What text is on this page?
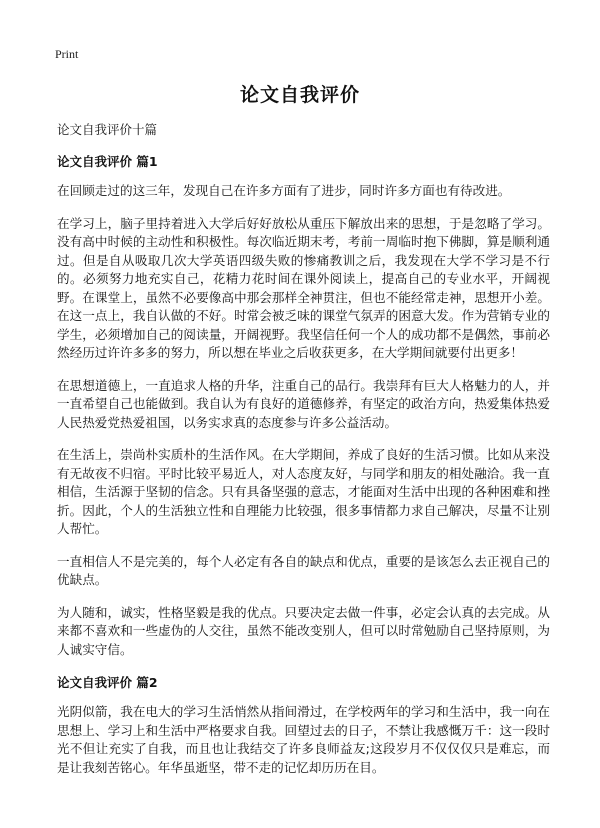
Print
论文自我评价

论文自我评价十篇

论文自我评价 篇1

在回顾走过的这三年，发现自己在许多方面有了进步，同时许多方面也有待改进。

在学习上，脑子里持着进入大学后好好放松从重压下解放出来的思想，于是忽略了学习。没有高中时候的主动性和积极性。每次临近期末考，考前一周临时抱下佛脚，算是顺利通过。但是自从吸取几次大学英语四级失败的惨痛教训之后，我发现在大学不学习是不行的。必须努力地充实自己，花精力花时间在课外阅读上，提高自己的专业水平，开阔视野。在课堂上，虽然不必要像高中那会那样全神贯注，但也不能经常走神，思想开小差。在这一点上，我自认做的不好。时常会被乏味的课堂气氛弄的困意大发。作为营销专业的学生，必须增加自己的阅读量，开阔视野。我坚信任何一个人的成功都不是偶然，事前必然经历过许许多多的努力，所以想在毕业之后收获更多，在大学期间就要付出更多！

在思想道德上，一直追求人格的升华，注重自己的品行。我崇拜有巨大人格魅力的人，并一直希望自己也能做到。我自认为有良好的道德修养，有坚定的政治方向，热爱集体热爱人民热爱党热爱祖国，以务实求真的态度参与许多公益活动。

在生活上，崇尚朴实质朴的生活作风。在大学期间，养成了良好的生活习惯。比如从来没有无故夜不归宿。平时比较平易近人，对人态度友好，与同学和朋友的相处融洽。我一直相信，生活源于坚韧的信念。只有具备坚强的意志，才能面对生活中出现的各种困难和挫折。因此，个人的生活独立性和自理能力比较强，很多事情都力求自己解决，尽量不让别人帮忙。

一直相信人不是完美的，每个人必定有各自的缺点和优点，重要的是该怎么去正视自己的优缺点。

为人随和，诚实，性格坚毅是我的优点。只要决定去做一件事，必定会认真的去完成。从来都不喜欢和一些虚伪的人交往，虽然不能改变别人，但可以时常勉励自己坚持原则，为人诚实守信。

论文自我评价 篇2

光阴似箭，我在电大的学习生活悄然从指间滑过，在学校两年的学习和生活中，我一向在思想上、学习上和生活中严格要求自我。回望过去的日子，不禁让我感慨万千：这一段时光不但让充实了自我，而且也让我结交了许多良师益友;这段岁月不仅仅仅只是难忘，而是让我刻苦铭心。年华虽逝坚，带不走的记忆却历历在目。
